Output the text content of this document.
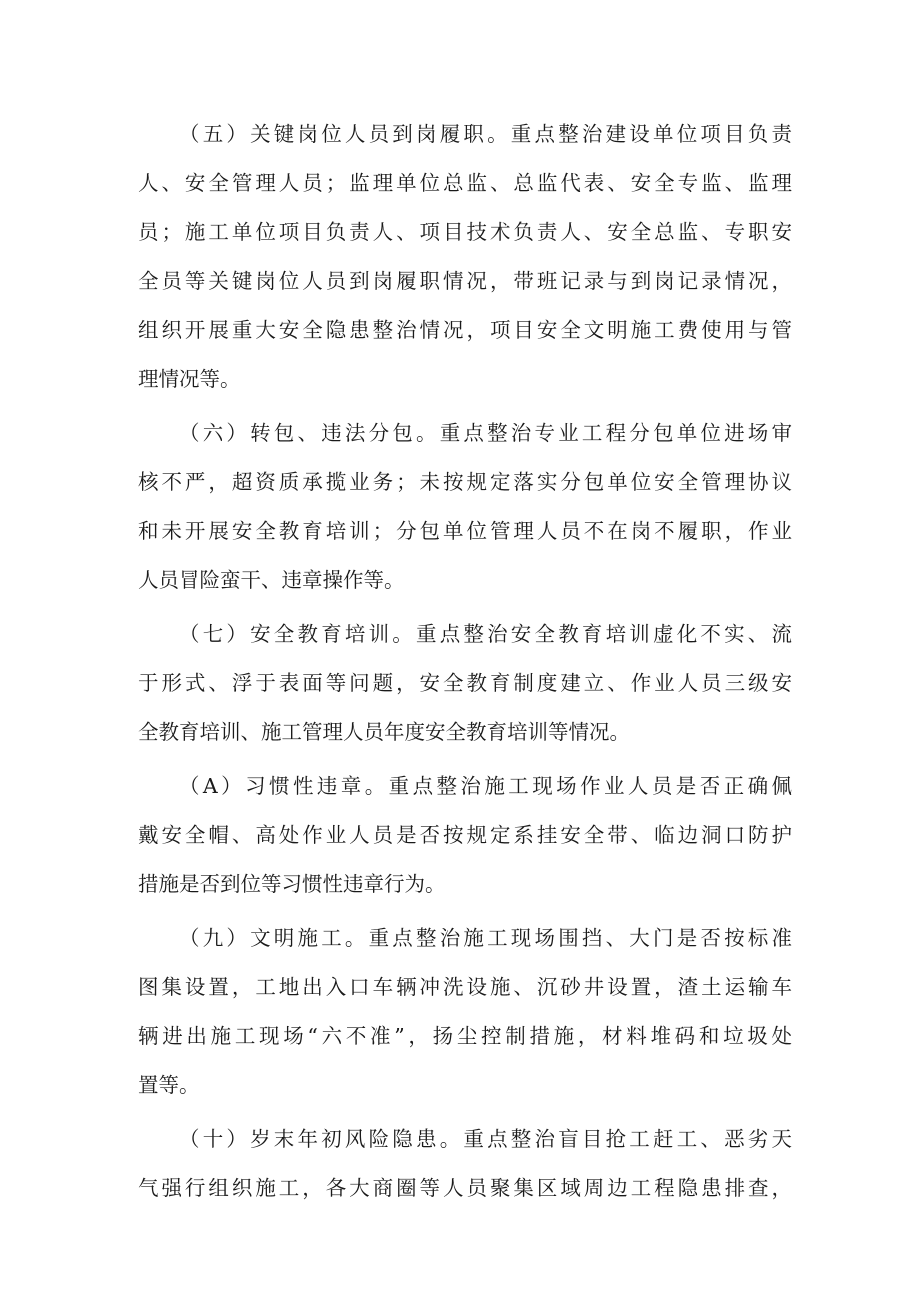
（五）关键岗位人员到岗履职。重点整治建设单位项目负责
人、安全管理人员；监理单位总监、总监代表、安全专监、监理
员；施工单位项目负责人、项目技术负责人、安全总监、专职安
全员等关键岗位人员到岗履职情况，带班记录与到岗记录情况，
组织开展重大安全隐患整治情况，项目安全文明施工费使用与管
理情况等。
（六）转包、违法分包。重点整治专业工程分包单位进场审
核不严，超资质承揽业务；未按规定落实分包单位安全管理协议
和未开展安全教育培训；分包单位管理人员不在岗不履职，作业
人员冒险蛮干、违章操作等。
（七）安全教育培训。重点整治安全教育培训虚化不实、流
于形式、浮于表面等问题，安全教育制度建立、作业人员三级安
全教育培训、施工管理人员年度安全教育培训等情况。
（A）习惯性违章。重点整治施工现场作业人员是否正确佩
戴安全帽、高处作业人员是否按规定系挂安全带、临边洞口防护
措施是否到位等习惯性违章行为。
（九）文明施工。重点整治施工现场围挡、大门是否按标准
图集设置，工地出入口车辆冲洗设施、沉砂井设置，渣土运输车
辆进出施工现场“六不准”，扬尘控制措施，材料堆码和垃圾处
置等。
（十）岁末年初风险隐患。重点整治盲目抢工赶工、恶劣天
气强行组织施工，各大商圈等人员聚集区域周边工程隐患排查，
